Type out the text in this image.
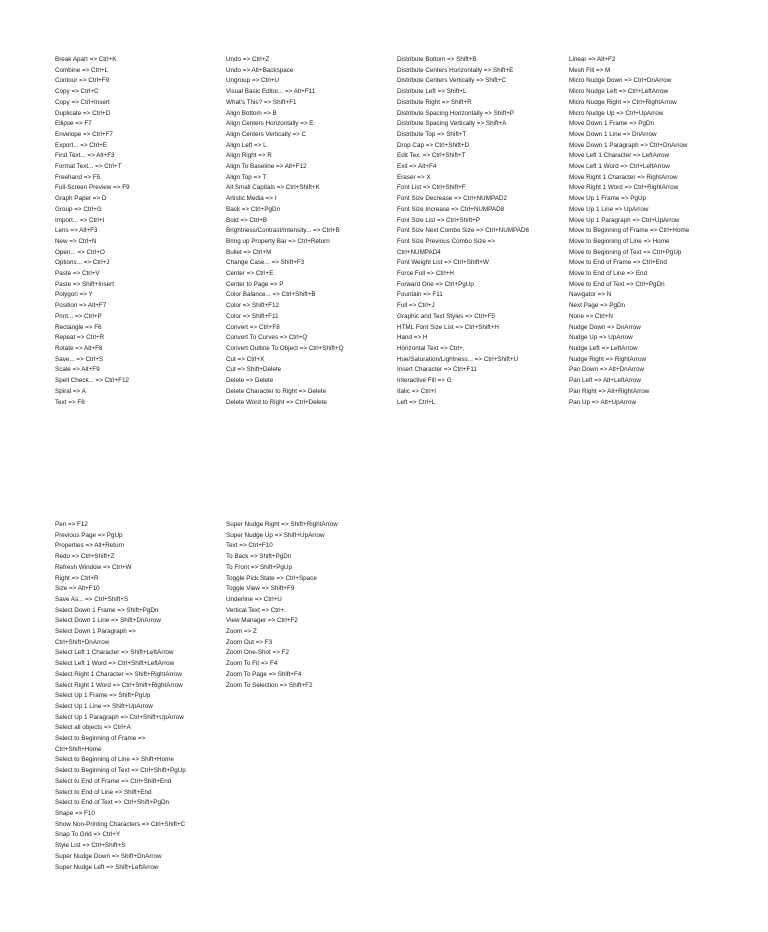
Break Apart => Ctrl+K
Combine => Ctrl+L
Contour => Ctrl+F9
Copy => Ctrl+C
Copy => Ctrl+Insert
Duplicate => Ctrl+D
Ellipse => F7
Envelope => Ctrl+F7
Export... => Ctrl+E
Find Text... => Alt+F3
Format Text... => Ctrl+T
Freehand => F5
Full-Screen Preview => F9
Graph Paper => D
Group => Ctrl+G
Import... => Ctrl+I
Lens => Alt+F3
New => Ctrl+N
Open... => Ctrl+O
Options... => Ctrl+J
Paste => Ctrl+V
Paste => Shift+Insert
Polygon => Y
Position => Alt+F7
Print... => Ctrl+P
Rectangle => F6
Repeat => Ctrl+R
Rotate => Alt+F8
Save... => Ctrl+S
Scale => Alt+F9
Spell Check... => Ctrl+F12
Spiral => A
Text => F8
Undo => Ctrl+Z
Undo => Alt+Backspace
Ungroup => Ctrl+U
Visual Basic Editor... => Alt+F11
What's This? => Shift+F1
Align Bottom => B
Align Centers Horizontally => E
Align Centers Vertically => C
Align Left => L
Align Right => R
Align To Baseline => Alt+F12
Align Top => T
All Small Capitals => Ctrl+Shift+K
Artistic Media => I
Back => Ctrl+PgDn
Bold => Ctrl+B
Brightness/Contrast/Intensity... => Ctrl+B
Bring up Property Bar => Ctrl+Return
Bullet => Ctrl+M
Change Case... => Shift+F3
Center => Ctrl+E
Center to Page => P
Color Balance... => Ctrl+Shift+B
Color => Shift+F12
Color => Shift+F11
Convert => Ctrl+F8
Convert To Curves => Ctrl+Q
Convert Outline To Object => Ctrl+Shift+Q
Cut => Ctrl+X
Cut => Shift+Delete
Delete => Delete
Delete Character to Right => Delete
Delete Word to Right => Ctrl+Delete
Distribute Bottom => Shift+B
Distribute Centers Horizontally => Shift+E
Distribute Centers Vertically => Shift+C
Distribute Left => Shift+L
Distribute Right => Shift+R
Distribute Spacing Horizontally => Shift+P
Distribute Spacing Vertically => Shift+A
Distribute Top => Shift+T
Drop Cap => Ctrl+Shift+D
Edit Tex. => Ctrl+Shift+T
Exit => Alt+F4
Eraser => X
Font List => Ctrl+Shift+F
Font Size Decrease => Ctrl+NUMPAD2
Font Size Increase => Ctrl+NUMPAD8
Font Size List => Ctrl+Shift+P
Font Size Next Combo Size => Ctrl+NUMPAD6
Font Size Previous Combo Size =>
Ctrl+NUMPAD4
Font Weight List => Ctrl+Shift+W
Force Full => Ctrl+H
Forward One => Ctrl+PgUp
Fountain => F11
Full => Ctrl+J
Graphic and Text Styles => Ctrl+F5
HTML Font Size List => Ctrl+Shift+H
Hand => H
Horizontal Text => Ctrl+,
Hue/Saturation/Lightness... => Ctrl+Shift+U
Insert Character => Ctrl+F11
Interactive Fill => G
Italic => Ctrl+I
Left => Ctrl+L
Linear => Alt+F2
Mesh Fill => M
Micro Nudge Down => Ctrl+DnArrow
Micro Nudge Left => Ctrl+LeftArrow
Micro Nudge Right => Ctrl+RightArrow
Micro Nudge Up => Ctrl+UpArrow
Move Down 1 Frame => PgDn
Move Down 1 Line => DnArrow
Move Down 1 Paragraph => Ctrl+DnArrow
Move Left 1 Character => LeftArrow
Move Left 1 Word => Ctrl+LeftArrow
Move Right 1 Character => RightArrow
Move Right 1 Word => Ctrl+RightArrow
Move Up 1 Frame => PgUp
Move Up 1 Line => UpArrow
Move Up 1 Paragraph => Ctrl+UpArrow
Move to Beginning of Frame => Ctrl+Home
Move to Beginning of Line => Home
Move to Beginning of Text => Ctrl+PgUp
Move to End of Frame => Ctrl+End
Move to End of Line => End
Move to End of Text => Ctrl+PgDn
Navigator => N
Next Page => PgDn
None => Ctrl+N
Nudge Down => DnArrow
Nudge Up => UpArrow
Nudge Left => LeftArrow
Nudge Right => RightArrow
Pan Down => Alt+DnArrow
Pan Left => Alt+LeftArrow
Pan Right => Alt+RightArrow
Pan Up => Alt+UpArrow
Pen => F12
Previous Page => PgUp
Properties => Alt+Return
Redo => Ctrl+Shift+Z
Refresh Window => Ctrl+W
Right => Ctrl+R
Size => Alt+F10
Save As... => Ctrl+Shift+S
Select Down 1 Frame => Shift+PgDn
Select Down 1 Line => Shift+DnArrow
Select Down 1 Paragraph =>
Ctrl+Shift+DnArrow
Select Left 1 Character => Shift+LeftArrow
Select Left 1 Word => Ctrl+Shift+LeftArrow
Select Right 1 Character => Shift+RightArrow
Select Right 1 Word => Ctrl+Shift+RightArrow
Select Up 1 Frame => Shift+PgUp
Select Up 1 Line => Shift+UpArrow
Select Up 1 Paragraph => Ctrl+Shift+UpArrow
Select all objects => Ctrl+A
Select to Beginning of Frame =>
Ctrl+Shift+Home
Select to Beginning of Line => Shift+Home
Select to Beginning of Text => Ctrl+Shift+PgUp
Select to End of Frame => Ctrl+Shift+End
Select to End of Line => Shift+End
Select to End of Text => Ctrl+Shift+PgDn
Shape => F10
Show Non-Printing Characters => Ctrl+Shift+C
Snap To Grid => Ctrl+Y
Style List => Ctrl+Shift+S
Super Nudge Down => Shift+DnArrow
Super Nudge Left => Shift+LeftArrow
Super Nudge Right => Shift+RightArrow
Super Nudge Up => Shift+UpArrow
Text => Ctrl+F10
To Back => Shift+PgDn
To Front => Shift+PgUp
Toggle Pick State => Ctrl+Space
Toggle View => Shift+F9
Underline => Ctrl+U
Vertical Text => Ctrl+.
View Manager => Ctrl+F2
Zoom => Z
Zoom Out => F3
Zoom One-Shot => F2
Zoom To Fit => F4
Zoom To Page => Shift+F4
Zoom To Selection => Shift+F2
